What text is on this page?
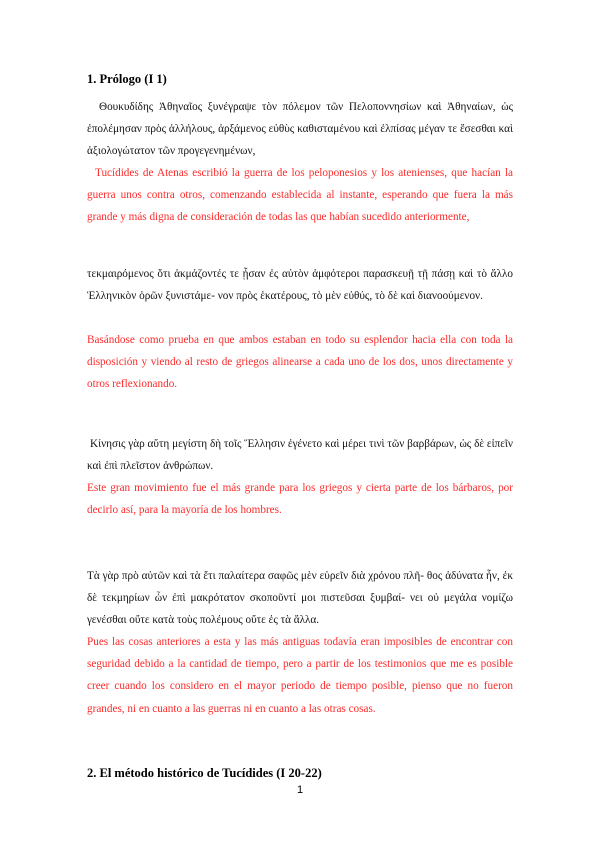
1. Prólogo (I 1)

Θουκυδίδης Ἀθηναῖος ξυνέγραψε τὸν πόλεμον τῶν Πελοποννησίων καὶ Ἀθηναίων, ὡς ἐπολέμησαν πρὸς ἀλλήλους, ἀρξάμενος εὐθὺς καθισταμένου καὶ ἐλπίσας μέγαν τε ἔσεσθαι καὶ ἀξιολογώτατον τῶν προγεγενημένων,

Tucídides de Atenas escribió la guerra de los peloponesios y los atenienses, que hacían la guerra unos contra otros, comenzando establecida al instante, esperando que fuera la más grande y más digna de consideración de todas las que habían sucedido anteriormente,

τεκμαιρόμενος ὅτι ἀκμάζοντές τε ᾖσαν ἐς αὐτὸν ἀμφότεροι παρασκευῇ τῇ πάσῃ καὶ τὸ ἄλλο Ἑλληνικὸν ὁρῶν ξυνιστάμε- νον πρὸς ἑκατέρους, τὸ μὲν εὐθύς, τὸ δὲ καὶ διανοούμενον.

Basándose como prueba en que ambos estaban en todo su esplendor hacia ella con toda la disposición y viendo al resto de griegos alinearse a cada uno de los dos, unos directamente y otros reflexionando.

Κίνησις γὰρ αὕτη μεγίστη δὴ τοῖς Ἕλλησιν ἐγένετο καὶ μέρει τινὶ τῶν βαρβάρων, ὡς δὲ εἰπεῖν καὶ ἐπὶ πλεῖστον ἀνθρώπων.

Este gran movimiento fue el más grande para los griegos y cierta parte de los bárbaros, por decirlo así, para la mayoría de los hombres.

Τὰ γὰρ πρὸ αὐτῶν καὶ τὰ ἔτι παλαίτερα σαφῶς μὲν εὑρεῖν διὰ χρόνου πλῆ- θος ἀδύνατα ἦν, ἐκ δὲ τεκμηρίων ὧν ἐπὶ μακρότατον σκοποῦντί μοι πιστεῦσαι ξυμβαί- νει οὐ μεγάλα νομίζω γενέσθαι οὔτε κατὰ τοὺς πολέμους οὔτε ἐς τὰ ἄλλα.

Pues las cosas anteriores a esta y las más antiguas todavía eran imposibles de encontrar con seguridad debido a la cantidad de tiempo, pero a partir de los testimonios que me es posible creer cuando los considero en el mayor periodo de tiempo posible, pienso que no fueron grandes, ni en cuanto a las guerras ni en cuanto a las otras cosas.

2. El método histórico de Tucídides (I 20-22)
1
